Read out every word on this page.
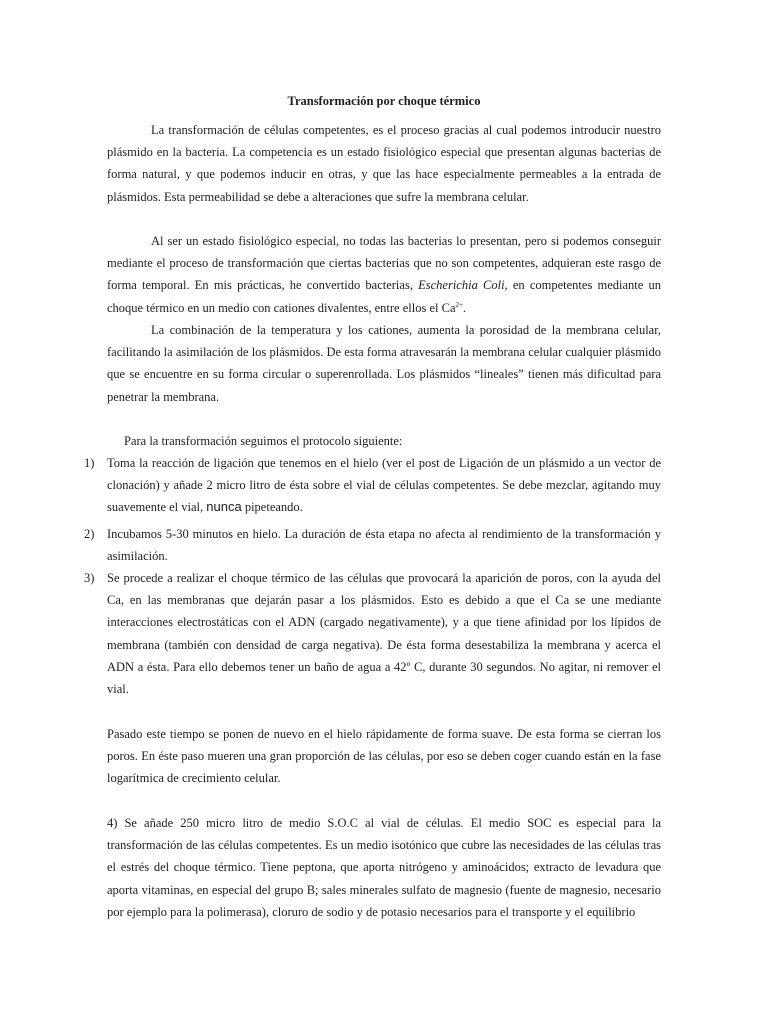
Transformación por choque térmico

La transformación de células competentes, es el proceso gracias al cual podemos introducir nuestro plásmido en la bacteria. La competencia es un estado fisiológico especial que presentan algunas bacterias de forma natural, y que podemos inducir en otras, y que las hace especialmente permeables a la entrada de plásmidos. Esta permeabilidad se debe a alteraciones que sufre la membrana celular.

Al ser un estado fisiológico especial, no todas las bacterias lo presentan, pero si podemos conseguir mediante el proceso de transformación que ciertas bacterias que no son competentes, adquieran este rasgo de forma temporal. En mis prácticas, he convertido bacterias, Escherichia Coli, en competentes mediante un choque térmico en un medio con cationes divalentes, entre ellos el $Ca^{2+}$.

La combinación de la temperatura y los cationes, aumenta la porosidad de la membrana celular, facilitando la asimilación de los plásmidos. De esta forma atravesarán la membrana celular cualquier plásmido que se encuentre en su forma circular o superenrollada. Los plásmidos “lineales” tienen más dificultad para penetrar la membrana.

Para la transformación seguimos el protocolo siguiente:

1) Toma la reacción de ligación que tenemos en el hielo (ver el post de Ligación de un plásmido a un vector de clonación) y añade 2 micro litro de ésta sobre el vial de células competentes. Se debe mezclar, agitando muy suavemente el vial, nunca pipeteando.
2) Incubamos 5-30 minutos en hielo. La duración de ésta etapa no afecta al rendimiento de la transformación y asimilación.
3) Se procede a realizar el choque térmico de las células que provocará la aparición de poros, con la ayuda del Ca, en las membranas que dejarán pasar a los plásmidos. Esto es debido a que el Ca se une mediante interacciones electrostáticas con el ADN (cargado negativamente), y a que tiene afinidad por los lípidos de membrana (también con densidad de carga negativa). De ésta forma desestabiliza la membrana y acerca el ADN a ésta. Para ello debemos tener un baño de agua a 42º C, durante 30 segundos. No agitar, ni remover el vial.

Pasado este tiempo se ponen de nuevo en el hielo rápidamente de forma suave. De esta forma se cierran los poros. En éste paso mueren una gran proporción de las células, por eso se deben coger cuando están en la fase logarítmica de crecimiento celular.

4) Se añade 250 micro litro de medio S.O.C al vial de células. El medio SOC es especial para la transformación de las células competentes. Es un medio isotónico que cubre las necesidades de las células tras el estrés del choque térmico. Tiene peptona, que aporta nitrógeno y aminoácidos; extracto de levadura que aporta vitaminas, en especial del grupo B; sales minerales sulfato de magnesio (fuente de magnesio, necesario por ejemplo para la polimerasa), cloruro de sodio y de potasio necesarios para el transporte y el equilibrio
